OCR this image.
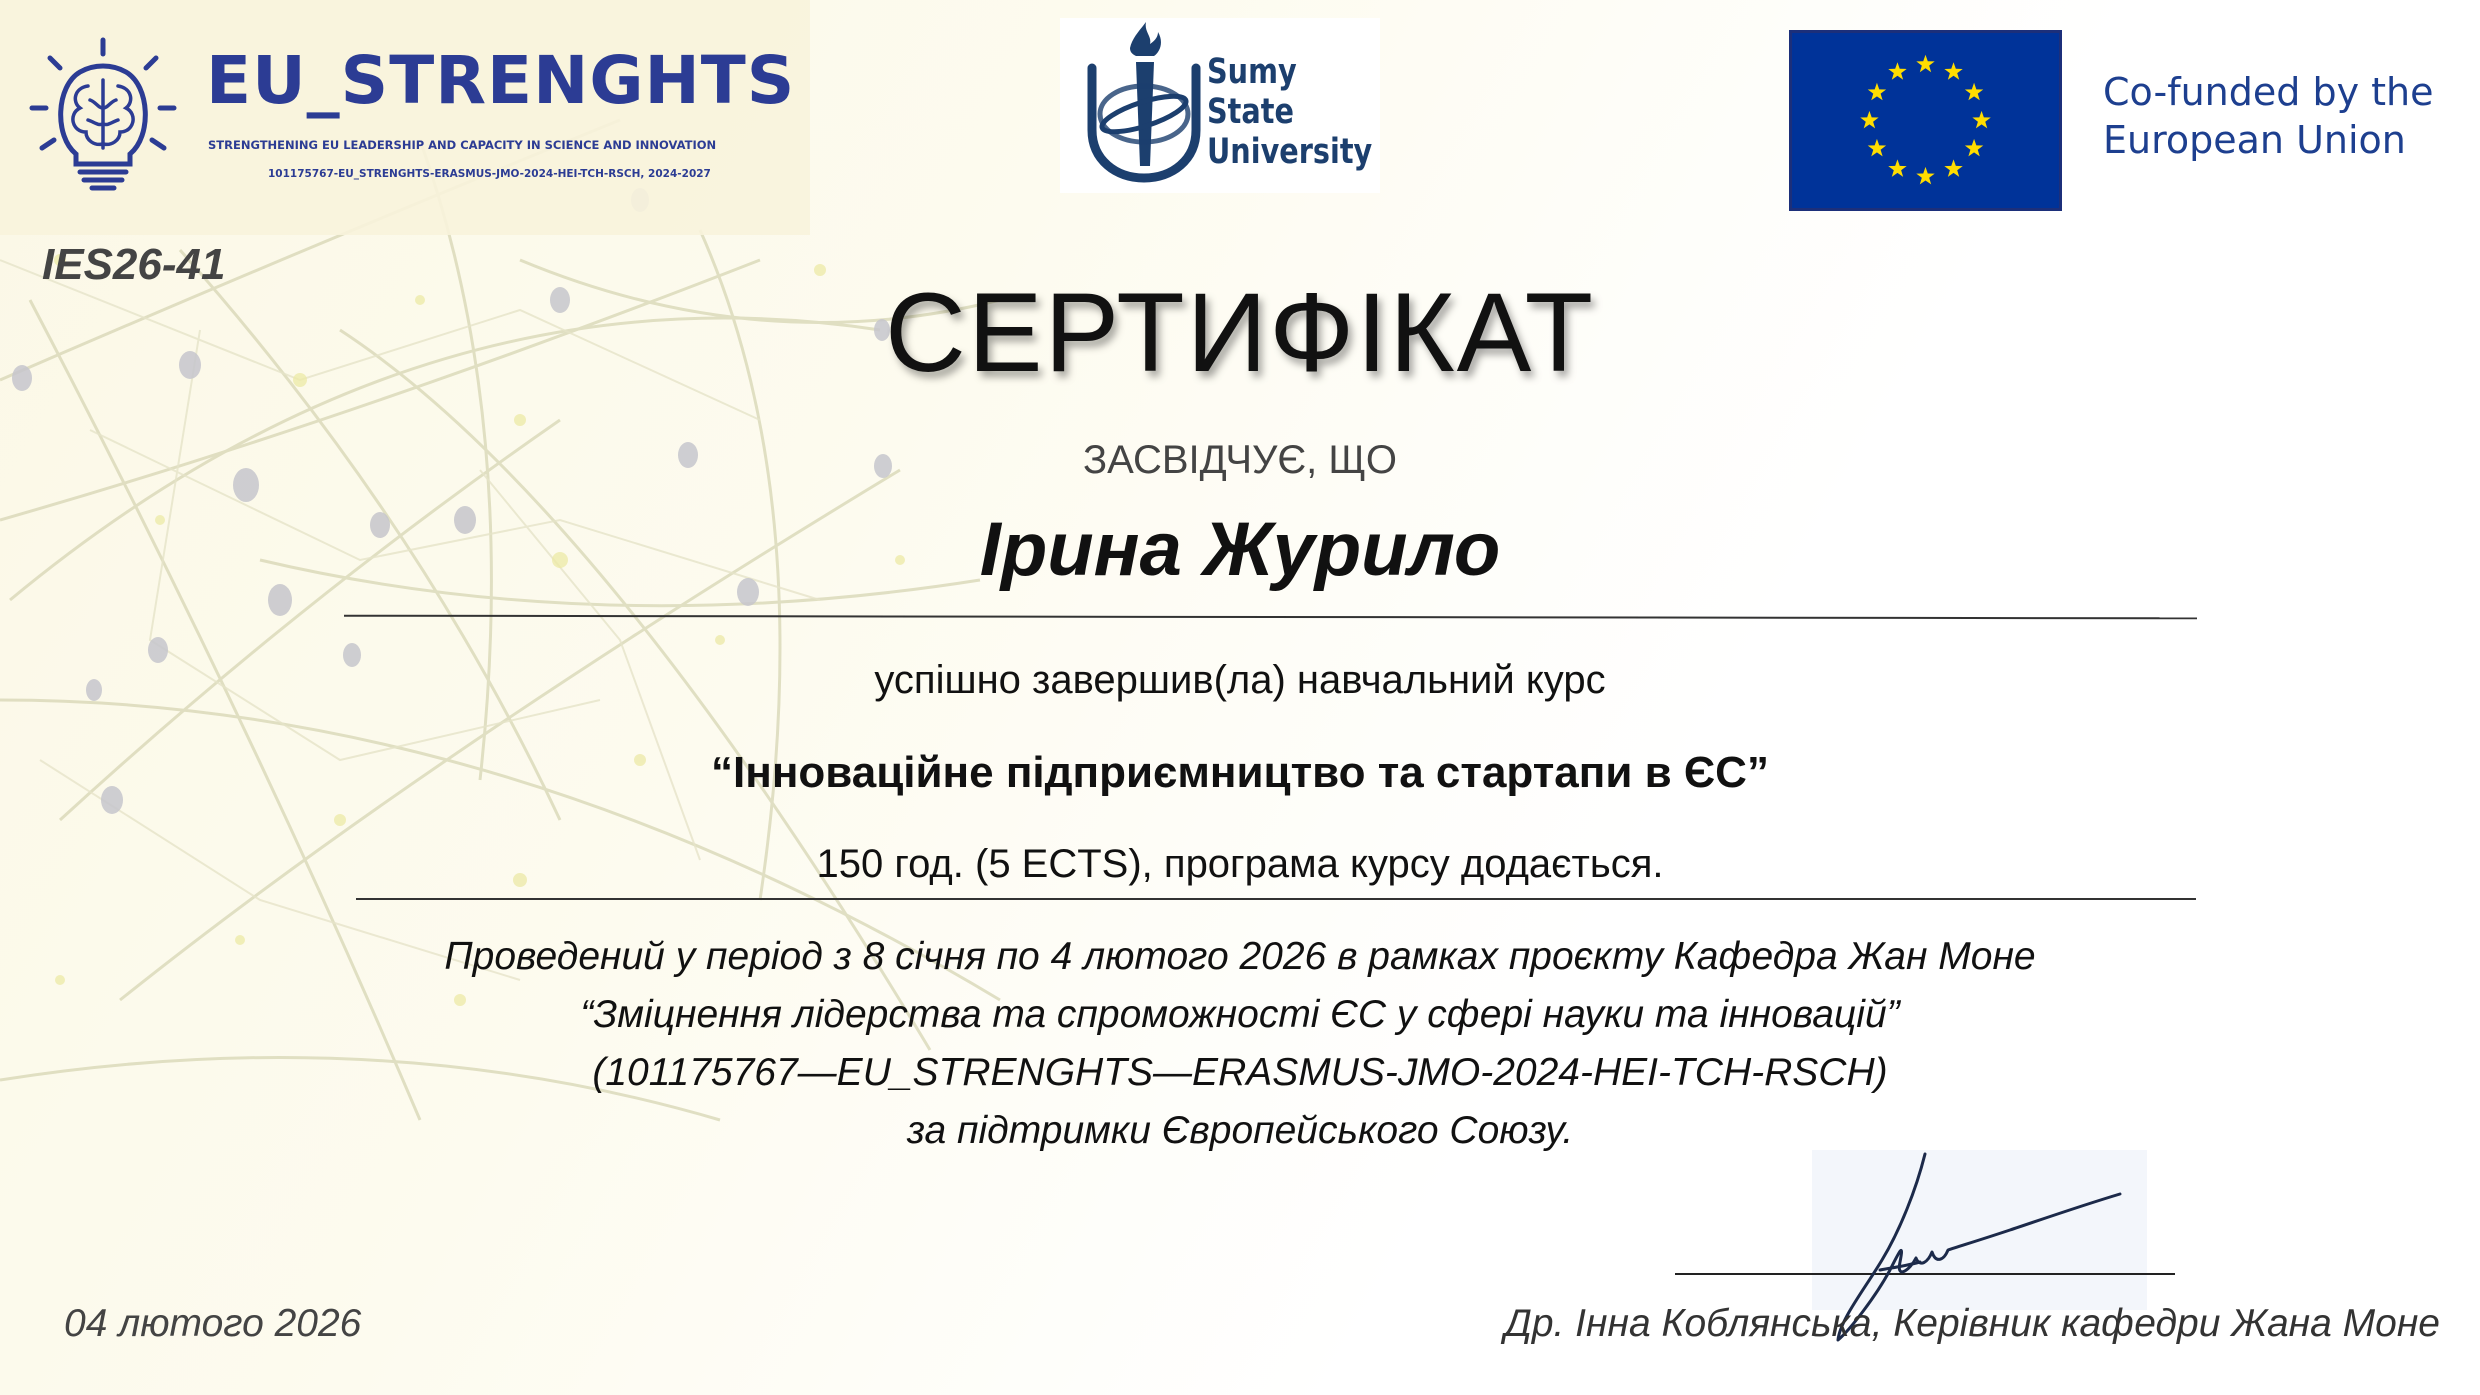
EU_STRENGHTS
STRENGTHENING EU LEADERSHIP AND CAPACITY IN SCIENCE AND INNOVATION
101175767-EU_STRENGHTS-ERASMUS-JMO-2024-HEI-TCH-RSCH, 2024-2027
Sumy
State
University
Co-funded by the
European Union
IES26-41
СЕРТИФІКАТ
ЗАСВІДЧУЄ, ЩО
Ірина Журило
успішно завершив(ла) навчальний курс
“Інноваційне підприємництво та стартапи в ЄС”
150 год. (5 ECTS), програма курсу додається.
Проведений у період з 8 січня по 4 лютого 2026 в рамках проєкту Кафедра Жан Моне
“Зміцнення лідерства та спроможності ЄС у сфері науки та інновацій”
(101175767—EU_STRENGHTS—ERASMUS-JMO-2024-HEI-TCH-RSCH)
за підтримки Європейського Союзу.
04 лютого 2026	Др. Інна Коблянська, Керівник кафедри Жана Моне
